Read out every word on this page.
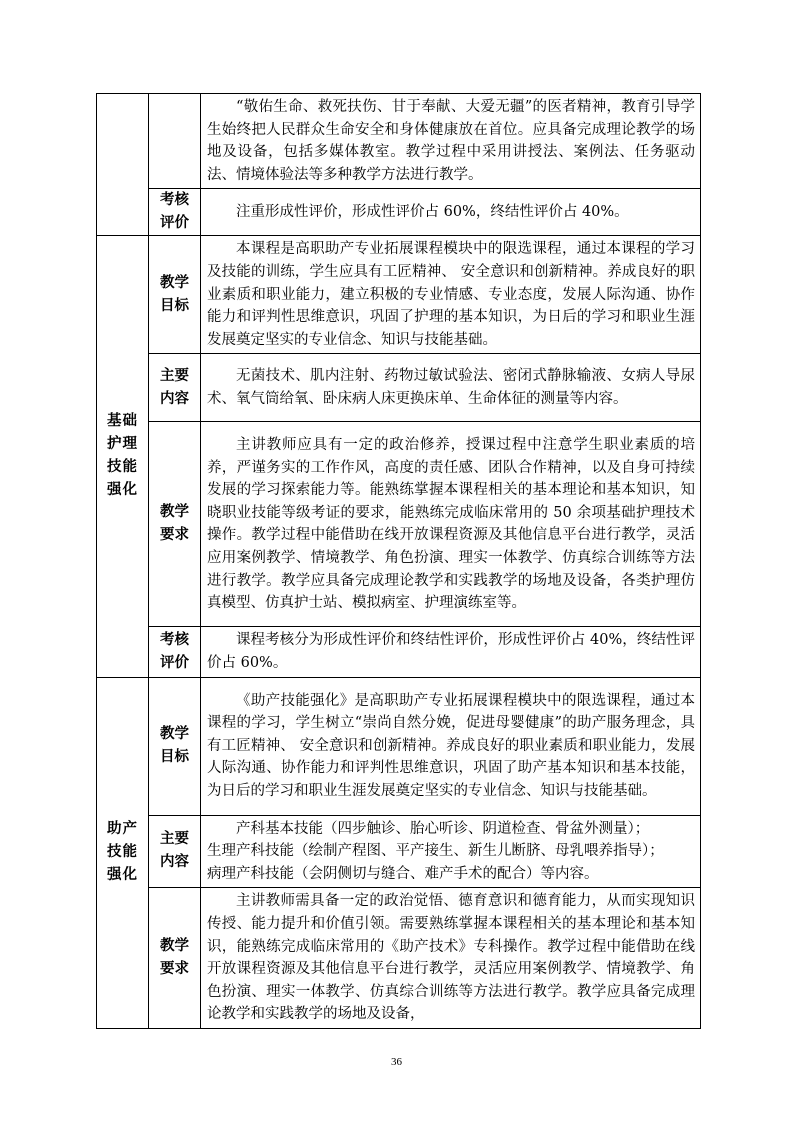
		“敬佑生命、救死扶伤、甘于奉献、大爱无疆”的医者精神，教育引导学生始终把人民群众生命安全和身体健康放在首位。应具备完成理论教学的场地及设备，包括多媒体教室。教学过程中采用讲授法、案例法、任务驱动法、情境体验法等多种教学方法进行教学。

	考核评价	注重形成性评价，形成性评价占 60%，终结性评价占 40%。

基础护理技能强化	教学目标	本课程是高职助产专业拓展课程模块中的限选课程，通过本课程的学习及技能的训练，学生应具有工匠精神、 安全意识和创新精神。养成良好的职业素质和职业能力，建立积极的专业情感、专业态度，发展人际沟通、协作能力和评判性思维意识，巩固了护理的基本知识，为日后的学习和职业生涯发展奠定坚实的专业信念、知识与技能基础。

	主要内容	无菌技术、肌内注射、药物过敏试验法、密闭式静脉输液、女病人导尿术、氧气筒给氧、卧床病人床更换床单、生命体征的测量等内容。

	教学要求	主讲教师应具有一定的政治修养，授课过程中注意学生职业素质的培养，严谨务实的工作作风，高度的责任感、团队合作精神，以及自身可持续发展的学习探索能力等。能熟练掌握本课程相关的基本理论和基本知识，知晓职业技能等级考证的要求，能熟练完成临床常用的 50 余项基础护理技术操作。教学过程中能借助在线开放课程资源及其他信息平台进行教学，灵活应用案例教学、情境教学、角色扮演、理实一体教学、仿真综合训练等方法进行教学。教学应具备完成理论教学和实践教学的场地及设备，各类护理仿真模型、仿真护士站、模拟病室、护理演练室等。

	考核评价	课程考核分为形成性评价和终结性评价，形成性评价占 40%，终结性评价占 60%。

助产技能强化	教学目标	《助产技能强化》是高职助产专业拓展课程模块中的限选课程，通过本课程的学习，学生树立“崇尚自然分娩，促进母婴健康”的助产服务理念，具有工匠精神、 安全意识和创新精神。养成良好的职业素质和职业能力，发展人际沟通、协作能力和评判性思维意识，巩固了助产基本知识和基本技能，为日后的学习和职业生涯发展奠定坚实的专业信念、知识与技能基础。

	主要内容	产科基本技能（四步触诊、胎心听诊、阴道检查、骨盆外测量）；
生理产科技能（绘制产程图、平产接生、新生儿断脐、母乳喂养指导）；
病理产科技能（会阴侧切与缝合、难产手术的配合）等内容。

	教学要求	主讲教师需具备一定的政治觉悟、德育意识和德育能力，从而实现知识传授、能力提升和价值引领。需要熟练掌握本课程相关的基本理论和基本知识，能熟练完成临床常用的《助产技术》专科操作。教学过程中能借助在线开放课程资源及其他信息平台进行教学，灵活应用案例教学、情境教学、角色扮演、理实一体教学、仿真综合训练等方法进行教学。教学应具备完成理论教学和实践教学的场地及设备，
36
